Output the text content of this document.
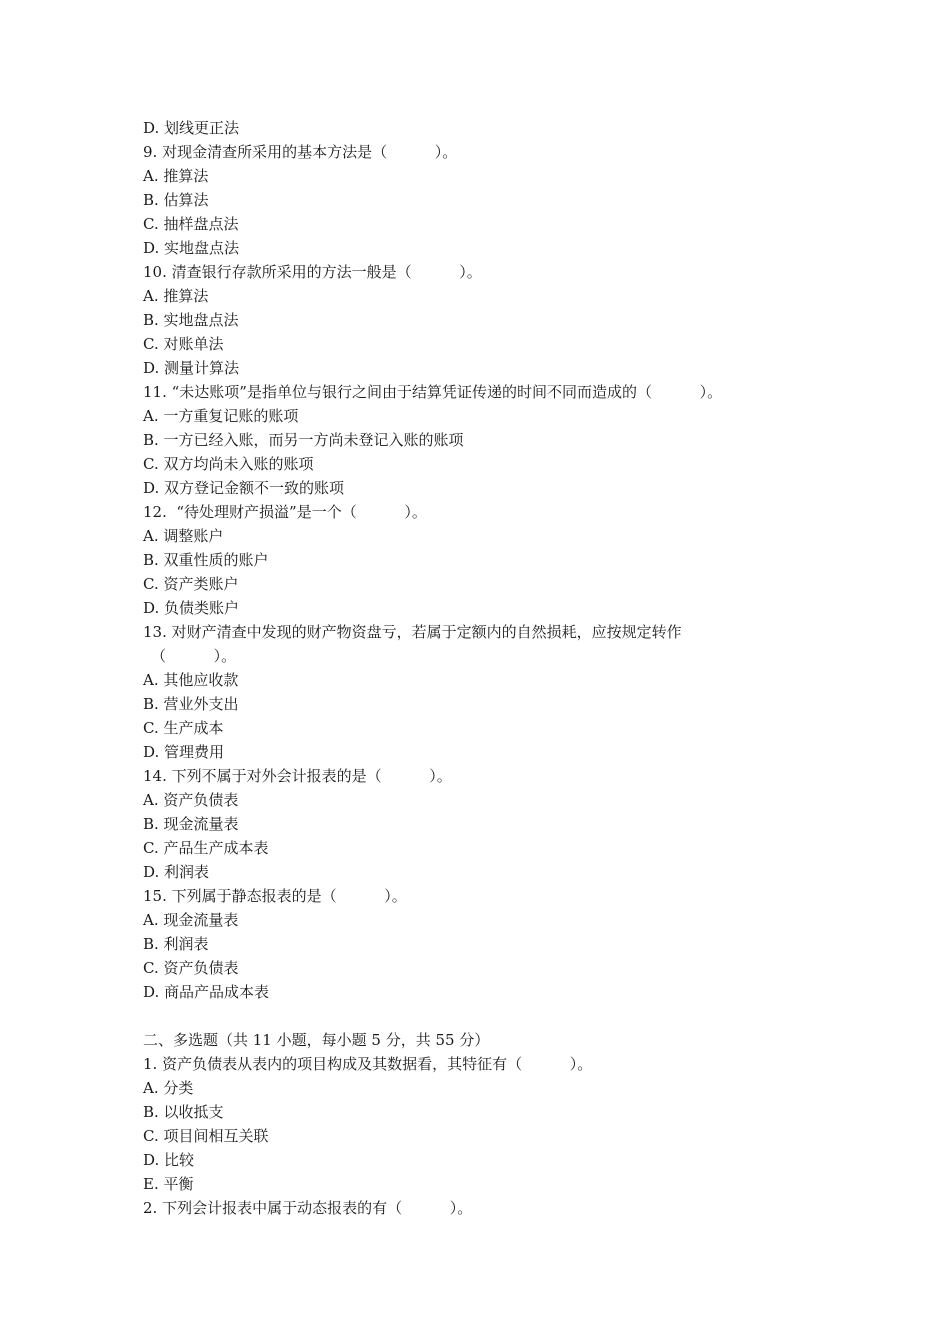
D. 划线更正法
9. 对现金清查所采用的基本方法是（          ）。
A. 推算法
B. 估算法
C. 抽样盘点法
D. 实地盘点法
10. 清查银行存款所采用的方法一般是（          ）。
A. 推算法
B. 实地盘点法
C. 对账单法
D. 测量计算法
11. “未达账项”是指单位与银行之间由于结算凭证传递的时间不同而造成的（          ）。
A. 一方重复记账的账项
B. 一方已经入账，而另一方尚未登记入账的账项
C. 双方均尚未入账的账项
D. 双方登记金额不一致的账项
12.  “待处理财产损溢”是一个（          ）。
A. 调整账户
B. 双重性质的账户
C. 资产类账户
D. 负债类账户
13. 对财产清查中发现的财产物资盘亏，若属于定额内的自然损耗，应按规定转作
（          ）。
A. 其他应收款
B. 营业外支出
C. 生产成本
D. 管理费用
14. 下列不属于对外会计报表的是（          ）。
A. 资产负债表
B. 现金流量表
C. 产品生产成本表
D. 利润表
15. 下列属于静态报表的是（          ）。
A. 现金流量表
B. 利润表
C. 资产负债表
D. 商品产品成本表
二、多选题（共 11 小题，每小题 5 分，共 55 分）
1. 资产负债表从表内的项目构成及其数据看，其特征有（          ）。
A. 分类
B. 以收抵支
C. 项目间相互关联
D. 比较
E. 平衡
2. 下列会计报表中属于动态报表的有（          ）。
